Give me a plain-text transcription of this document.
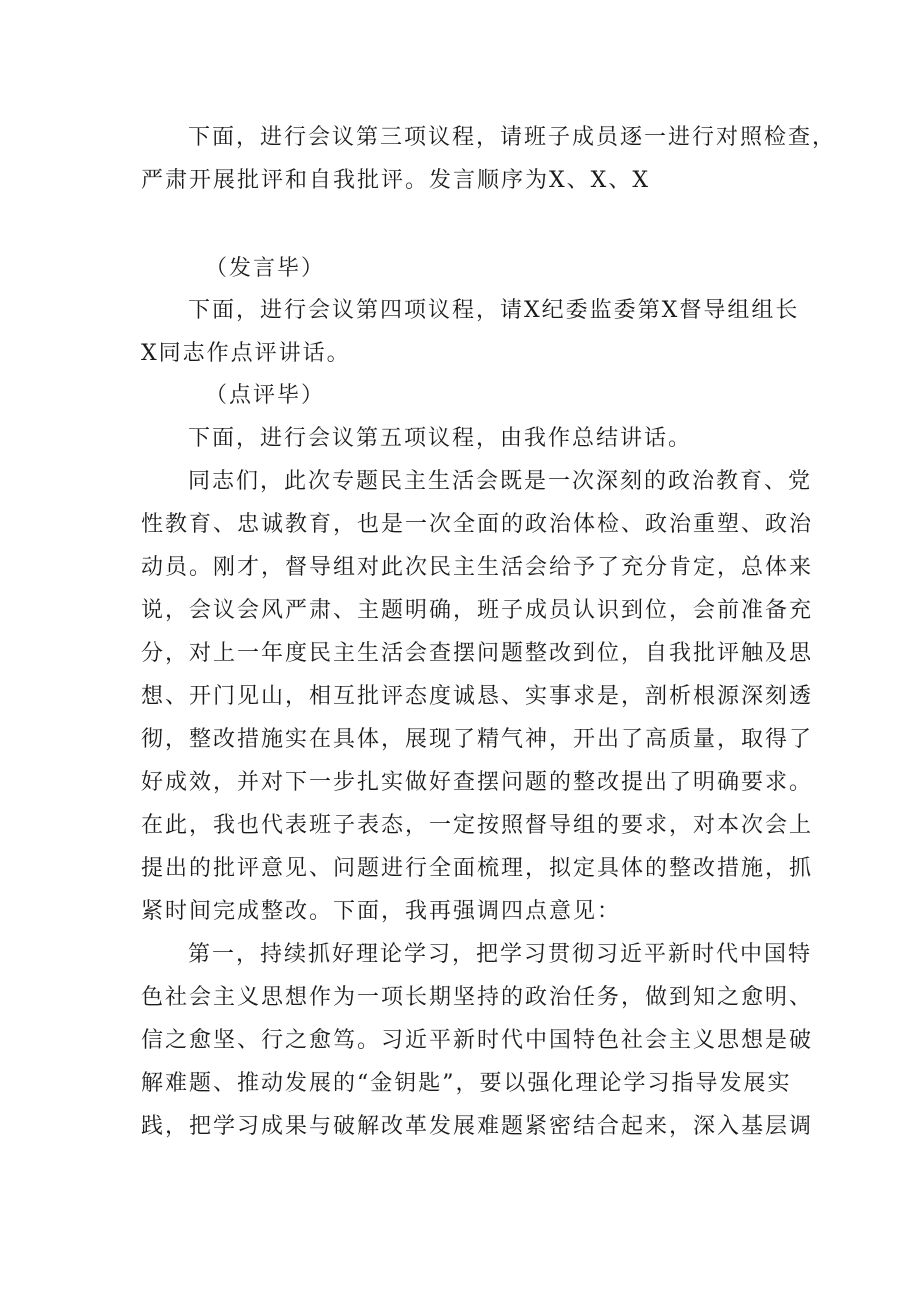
下面，进行会议第三项议程，请班子成员逐一进行对照检查，

严肃开展批评和自我批评。发言顺序为X、X、X

（发言毕）

下面，进行会议第四项议程，请X纪委监委第X督导组组长

X同志作点评讲话。

（点评毕）

下面，进行会议第五项议程，由我作总结讲话。

同志们，此次专题民主生活会既是一次深刻的政治教育、党

性教育、忠诚教育，也是一次全面的政治体检、政治重塑、政治

动员。刚才，督导组对此次民主生活会给予了充分肯定，总体来

说，会议会风严肃、主题明确，班子成员认识到位，会前准备充

分，对上一年度民主生活会查摆问题整改到位，自我批评触及思

想、开门见山，相互批评态度诚恳、实事求是，剖析根源深刻透

彻，整改措施实在具体，展现了精气神，开出了高质量，取得了

好成效，并对下一步扎实做好查摆问题的整改提出了明确要求。

在此，我也代表班子表态，一定按照督导组的要求，对本次会上

提出的批评意见、问题进行全面梳理，拟定具体的整改措施，抓

紧时间完成整改。下面，我再强调四点意见：

第一，持续抓好理论学习，把学习贯彻习近平新时代中国特

色社会主义思想作为一项长期坚持的政治任务，做到知之愈明、

信之愈坚、行之愈笃。习近平新时代中国特色社会主义思想是破

解难题、推动发展的“金钥匙”，要以强化理论学习指导发展实

践，把学习成果与破解改革发展难题紧密结合起来，深入基层调
